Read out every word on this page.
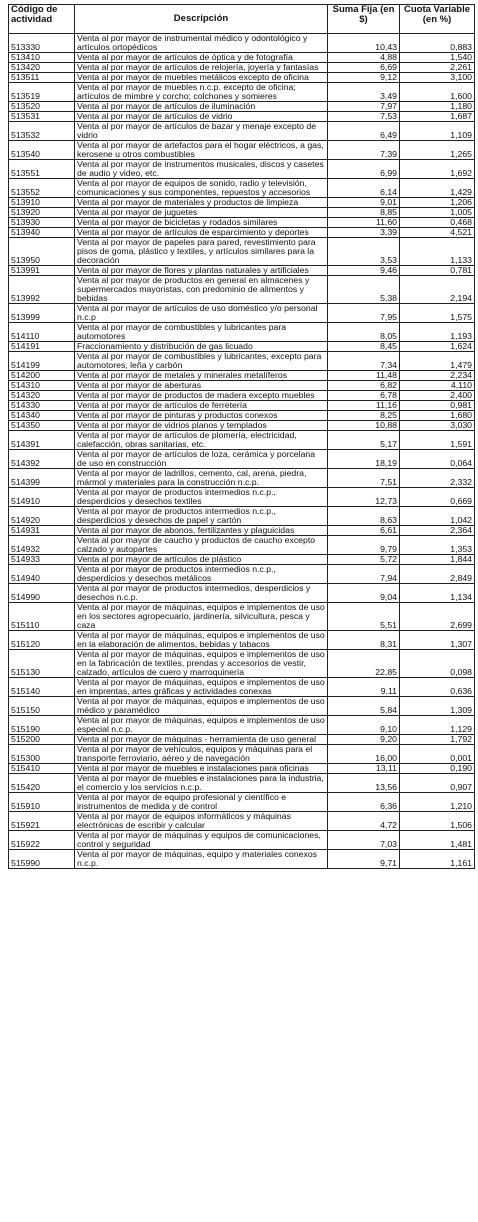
Código de actividad	Descripción	Suma Fija (en $)	Cuota Variable (en %)
513330	Venta al por mayor de instrumental médico y odontológico y artículos ortopédicos	10,43	0,883
513410	Venta al por mayor de artículos de óptica y de fotografía	4,88	1,540
513420	Venta al por mayor de artículos de relojería, joyería y fantasías	6,69	2,261
513511	Venta al por mayor de muebles metálicos excepto de oficina	9,12	3,100
513519	Venta al por mayor de muebles n.c.p. excepto de oficina; artículos de mimbre y corcho; colchones y somieres	3,49	1,600
513520	Venta al por mayor de artículos de iluminación	7,97	1,180
513531	Venta al por mayor de artículos de vidrio	7,53	1,687
513532	Venta al por mayor de artículos de bazar y menaje excepto de vidrio	6,49	1,109
513540	Venta al por mayor de artefactos para el hogar eléctricos, a gas, kerosene u otros combustibles	7,39	1,265
513551	Venta al por mayor de instrumentos musicales, discos y casetes de audio y video, etc.	6,99	1,692
513552	Venta al por mayor de equipos de sonido, radio y televisión, comunicaciones y sus componentes, repuestos y accesorios	6,14	1,429
513910	Venta al por mayor de materiales y productos de limpieza	9,01	1,206
513920	Venta al por mayor de juguetes	8,85	1,005
513930	Venta al por mayor de bicicletas y rodados similares	11,60	0,468
513940	Venta al por mayor de artículos de esparcimiento y deportes	3,39	4,521
513950	Venta al por mayor de papeles para pared, revestimiento para pisos de goma, plástico y textiles, y artículos similares para la decoración	3,53	1,133
513991	Venta al por mayor de flores y plantas naturales y artificiales	9,46	0,781
513992	Venta al por mayor de productos en general en almacenes y supermercados mayoristas, con predominio de alimentos y bebidas	5,38	2,194
513999	Venta al por mayor de artículos de uso doméstico y/o personal n.c.p	7,95	1,575
514110	Venta al por mayor de combustibles y lubricantes para automotores	8,05	1,193
514191	Fraccionamiento y distribución de gas licuado	8,45	1,624
514199	Venta al por mayor de combustibles y lubricantes, excepto para automotores, leña y carbón	7,34	1,479
514200	Venta al por mayor de metales y minerales metalíferos	11,48	2,234
514310	Venta al por mayor de aberturas	6,82	4,110
514320	Venta al por mayor de productos de madera excepto muebles	6,78	2,400
514330	Venta al por mayor de artículos de ferretería	11,16	0,981
514340	Venta al por mayor de pinturas y productos conexos	8,25	1,680
514350	Venta al por mayor de vidrios planos y templados	10,88	3,030
514391	Venta al por mayor de artículos de plomería, electricidad, calefacción, obras sanitarias, etc.	5,17	1,591
514392	Venta al por mayor de artículos de loza, cerámica y porcelana de uso en construcción	18,19	0,064
514399	Venta al por mayor de ladrillos, cemento, cal, arena, piedra, mármol y materiales para la construcción n.c.p.	7,51	2,332
514910	Venta al por mayor de productos intermedios n.c.p., desperdicios y desechos textiles	12,73	0,669
514920	Venta al por mayor de productos intermedios n.c.p., desperdicios y desechos de papel y cartón	8,63	1,042
514931	Venta al por mayor de abonos, fertilizantes y plaguicidas	6,61	2,364
514932	Venta al por mayor de caucho y productos de caucho excepto calzado y autopartes	9,79	1,353
514933	Venta al por mayor de artículos de plástico	5,72	1,844
514940	Venta al por mayor de productos intermedios n.c.p., desperdicios y desechos metálicos	7,94	2,849
514990	Venta al por mayor de productos intermedios, desperdicios y desechos n.c.p.	9,04	1,134
515110	Venta al por mayor de máquinas, equipos e implementos de uso en los sectores agropecuario, jardinería, silvicultura, pesca y caza	5,51	2,699
515120	Venta al por mayor de máquinas, equipos e implementos de uso en la elaboración de alimentos, bebidas y tabacos	8,31	1,307
515130	Venta al por mayor de máquinas, equipos e implementos de uso en la fabricación de textiles, prendas y accesorios de vestir, calzado, artículos de cuero y marroquinería	22,85	0,098
515140	Venta al por mayor de máquinas, equipos e implementos de uso en imprentas, artes gráficas y actividades conexas	9,11	0,636
515150	Venta al por mayor de máquinas, equipos e implementos de uso médico y paramédico	5,84	1,309
515190	Venta al por mayor de máquinas, equipos e implementos de uso especial n.c.p.	9,10	1,129
515200	Venta al por mayor de máquinas - herramienta de uso general	9,20	1,792
515300	Venta al por mayor de vehículos, equipos y máquinas para el transporte ferroviario, aéreo y de navegación	16,00	0,001
515410	Venta al por mayor de muebles e instalaciones para oficinas	13,11	0,190
515420	Venta al por mayor de muebles e instalaciones para la industria, el comercio y los servicios n.c.p.	13,56	0,907
515910	Venta al por mayor de equipo profesional y científico e instrumentos de medida y de control	6,36	1,210
515921	Venta al por mayor de equipos informáticos y máquinas electrónicas de escribir y calcular	4,72	1,506
515922	Venta al por mayor de máquinas y equipos de comunicaciones, control y seguridad	7,03	1,481
515990	Venta al por mayor de máquinas, equipo y materiales conexos n.c.p.	9,71	1,161
